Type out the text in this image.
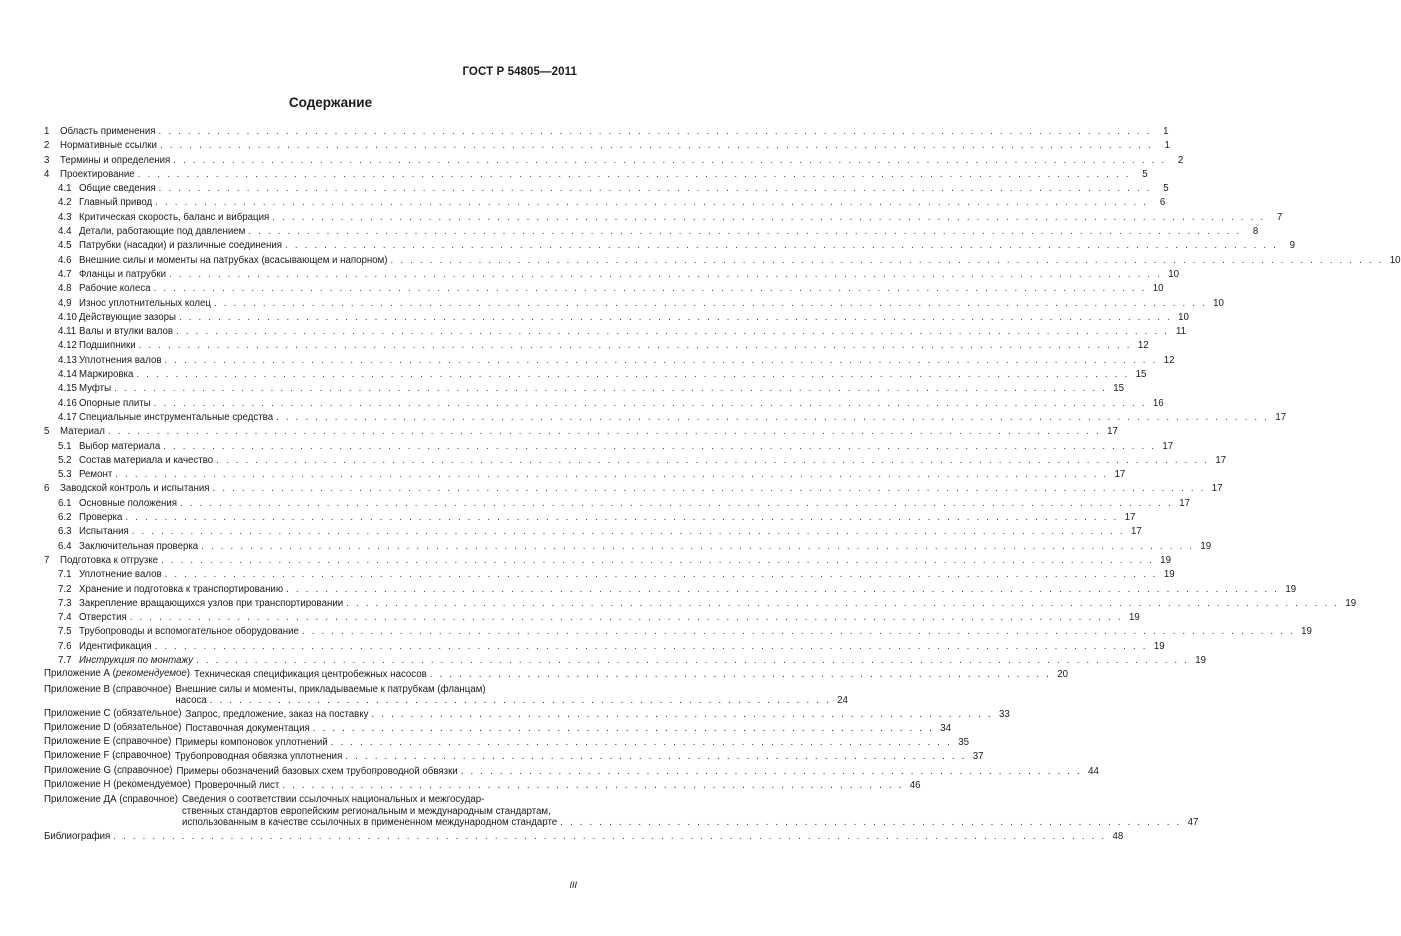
ГОСТ Р 54805—2011
Содержание
1	Область применения . . .	1
2	Нормативные ссылки . . .	1
3	Термины и определения . . .	2
4	Проектирование . . .	5
4.1 Общие сведения . . .	5
4.2 Главный привод . . .	6
4.3 Критическая скорость, баланс и вибрация . . .	7
4.4 Детали, работающие под давлением . . .	8
4.5 Патрубки (насадки) и различные соединения . . .	9
4.6 Внешние силы и моменты на патрубках (всасывающем и напорном) . . .	10
4.7 Фланцы и патрубки . . .	10
4.8 Рабочие колеса . . .	10
4,9 Износ уплотнительных колец . . .	10
4.10 Действующие зазоры . . .	10
4.11 Валы и втулки валов . . .	11
4.12 Подшипники . . .	12
4.13 Уплотнения валов . . .	12
4.14 Маркировка . . .	15
4.15 Муфты . . .	15
4.16 Опорные плиты . . .	16
4.17 Специальные инструментальные средства . . .	17
5	Материал . . .	17
5.1 Выбор материала . . .	17
5.2 Состав материала и качество . . .	17
5.3 Ремонт . . .	17
6	Заводской контроль и испытания . . .	17
6.1 Основные положения . . .	17
6.2 Проверка . . .	17
6.3 Испытания . . .	17
6.4 Заключительная проверка . . .	19
7	Подготовка к отгрузке . . .	19
7.1 Уплотнение валов . . .	19
7.2 Хранение и подготовка к транспортированию . . .	19
7.3 Закрепление вращающихся узлов при транспортировании . . .	19
7.4 Отверстия . . .	19
7.5 Трубопроводы и вспомогательное оборудование . . .	19
7.6 Идентификация . . .	19
7.7 Инструкция по монтажу . . .	19
Приложение А (рекомендуемое) Техническая спецификация центробежных насосов . . . . . . . . . . . . . . . . . . . . . . . . . . . . . . . . . . . . . . . . . . . . . . . . . . . . . . . . . . . . . . . . 20
Приложение В (справочное) Внешние силы и моменты, прикладываемые к патрубкам (фланцам)
насоса . . . . . . . . . . . . . . . . . . . . . . . . . . . . . . . . . . . . . . . . . . . . . . . . . . . . . . . . . . . . . . . . 24
Приложение С (обязательное) Запрос, предложение, заказ на поставку . . . . . . . . . . . . . . . . . . . . . . . . . . . . . . . . . . . . . . . . . . . . . . . . . . . . . . . . . . . . . . . . 33
Приложение D (обязательное) Поставочная документация . . . . . . . . . . . . . . . . . . . . . . . . . . . . . . . . . . . . . . . . . . . . . . . . . . . . . . . . . . . . . . . . 34
Приложение Е (справочное) Примеры компоновок уплотнений . . . . . . . . . . . . . . . . . . . . . . . . . . . . . . . . . . . . . . . . . . . . . . . . . . . . . . . . . . . . . . . . 35
Приложение F (справочное) Трубопроводная обвязка уплотнения . . . . . . . . . . . . . . . . . . . . . . . . . . . . . . . . . . . . . . . . . . . . . . . . . . . . . . . . . . . . . . . . 37
Приложение G (справочное) Примеры обозначений базовых схем трубопроводной обвязки . . . . . . . . . . . . . . . . . . . . . . . . . . . . . . . . . . . . . . . . . . . . . . . . . . . . . . . . . . . . . . . . 44
Приложение Н (рекомендуемое) Проверочный лист . . . . . . . . . . . . . . . . . . . . . . . . . . . . . . . . . . . . . . . . . . . . . . . . . . . . . . . . . . . . . . . . 46
Приложение ДА (справочное) Сведения о соответствии ссылочных национальных и межгосудар-
ственных стандартов европейским региональным и международным стандартам,
использованным в качестве ссылочных в примененном международном стандарте . . . . . . . . . . . . . . . . . . . . . . . . . . . . . . . . . . . . . . . . . . . . . . . . . . . . . . . . . . . . . . . . 47
Библиография . . .	48
III
